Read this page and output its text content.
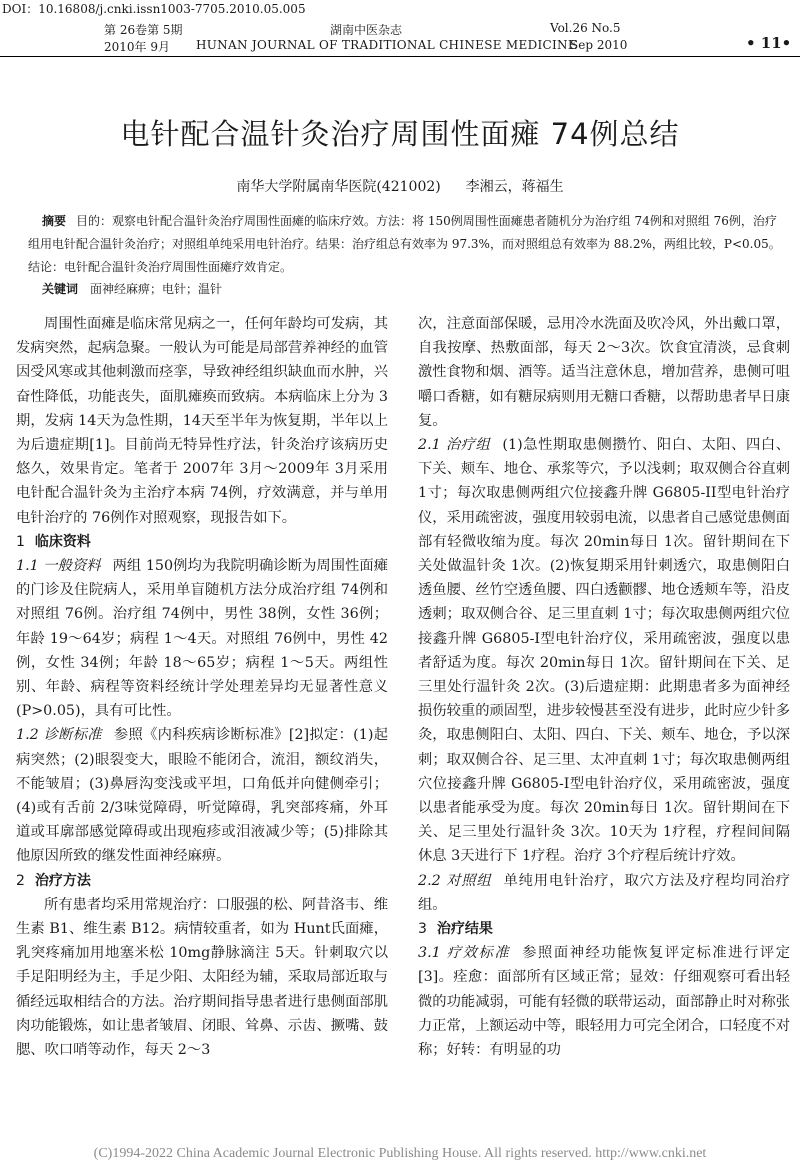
DOI：10.16808/j.cnki.issn1003-7705.2010.05.005
第 26卷第 5期	湖南中医杂志	Vol.26 No.5
2010年 9月 HUNAN JOURNAL OF TRADITIONAL CHINESE MEDICINE
Sep 2010	• 11•
电针配合温针灸治疗周围性面瘫 74例总结
南华大学附属南华医院(421002) 李湘云，蒋福生
摘要 目的：观察电针配合温针灸治疗周围性面瘫的临床疗效。方法：将 150例周围性面瘫患者随机分为治疗组 74例和对照组 76例，治疗组用电针配合温针灸治疗；对照组单纯采用电针治疗。结果：治疗组总有效率为 97.3%，而对照组总有效率为 88.2%，两组比较，P<0.05。结论：电针配合温针灸治疗周围性面瘫疗效肯定。
关键词 面神经麻痹；电针；温针

周围性面瘫是临床常见病之一，任何年龄均可发病，其发病突然，起病急聚。一般认为可能是局部营养神经的血管因受风寒或其他刺激而痉挛，导致神经组织缺血而水肿，兴奋性降低，功能丧失，面肌瘫痪而致病。本病临床上分为 3期，发病 14天为急性期，14天至半年为恢复期，半年以上为后遗症期[1]。目前尚无特异性疗法，针灸治疗该病历史悠久，效果肯定。笔者于 2007年 3月～2009年 3月采用电针配合温针灸为主治疗本病 74例，疗效满意，并与单用电针治疗的 76例作对照观察，现报告如下。

1 临床资料

1.1 一般资料 两组 150例均为我院明确诊断为周围性面瘫的门诊及住院病人，采用单盲随机方法分成治疗组 74例和对照组 76例。治疗组 74例中，男性 38例，女性 36例；年龄 19～64岁；病程 1～4天。对照组 76例中，男性 42例，女性 34例；年龄 18～65岁；病程 1～5天。两组性别、年龄、病程等资料经统计学处理差异均无显著性意义(P>0.05)，具有可比性。

1.2 诊断标准 参照《内科疾病诊断标准》[2]拟定：(1)起病突然；(2)眼裂变大，眼睑不能闭合，流泪，额纹消失，不能皱眉；(3)鼻唇沟变浅或平坦，口角低并向健侧牵引；(4)或有舌前 2/3味觉障碍，听觉障碍，乳突部疼痛，外耳道或耳廓部感觉障碍或出现疱疹或泪液减少等；(5)排除其他原因所致的继发性面神经麻痹。

2 治疗方法

所有患者均采用常规治疗：口服强的松、阿昔洛韦、维生素 B1、维生素 B12。病情较重者，如为 Hunt氏面瘫，乳突疼痛加用地塞米松 10mg静脉滴注 5天。针刺取穴以手足阳明经为主，手足少阳、太阳经为辅，采取局部近取与循经远取相结合的方法。治疗期间指导患者进行患侧面部肌肉功能锻炼，如让患者皱眉、闭眼、耸鼻、示齿、撅嘴、鼓腮、吹口哨等动作，每天 2～3

次，注意面部保暖，忌用冷水洗面及吹冷风，外出戴口罩，自我按摩、热敷面部，每天 2～3次。饮食宜清淡，忌食刺激性食物和烟、酒等。适当注意休息，增加营养，患侧可咀嚼口香糖，如有糖尿病则用无糖口香糖，以帮助患者早日康复。

2.1 治疗组 (1)急性期取患侧攒竹、阳白、太阳、四白、下关、颊车、地仓、承浆等穴，予以浅刺；取双侧合谷直刺 1寸；每次取患侧两组穴位接鑫升牌 G6805-II型电针治疗仪，采用疏密波，强度用较弱电流，以患者自己感觉患侧面部有轻微收缩为度。每次 20min每日 1次。留针期间在下关处做温针灸 1次。(2)恢复期采用针刺透穴，取患侧阳白透鱼腰、丝竹空透鱼腰、四白透颧髎、地仓透颊车等，沿皮透刺；取双侧合谷、足三里直刺 1寸；每次取患侧两组穴位接鑫升牌 G6805-I型电针治疗仪，采用疏密波，强度以患者舒适为度。每次 20min每日 1次。留针期间在下关、足三里处行温针灸 2次。(3)后遗症期：此期患者多为面神经损伤较重的顽固型，进步较慢甚至没有进步，此时应少针多灸，取患侧阳白、太阳、四白、下关、颊车、地仓，予以深刺；取双侧合谷、足三里、太冲直刺 1寸；每次取患侧两组穴位接鑫升牌 G6805-I型电针治疗仪，采用疏密波，强度以患者能承受为度。每次 20min每日 1次。留针期间在下关、足三里处行温针灸 3次。10天为 1疗程，疗程间间隔休息 3天进行下 1疗程。治疗 3个疗程后统计疗效。

2.2 对照组 单纯用电针治疗，取穴方法及疗程均同治疗组。

3 治疗结果

3.1 疗效标准 参照面神经功能恢复评定标准进行评定[3]。痊愈：面部所有区域正常；显效：仔细观察可看出轻微的功能减弱，可能有轻微的联带运动，面部静止时对称张力正常，上额运动中等，眼轻用力可完全闭合，口轻度不对称；好转：有明显的功

(C)1994-2022 China Academic Journal Electronic Publishing House. All rights reserved. http://www.cnki.net
